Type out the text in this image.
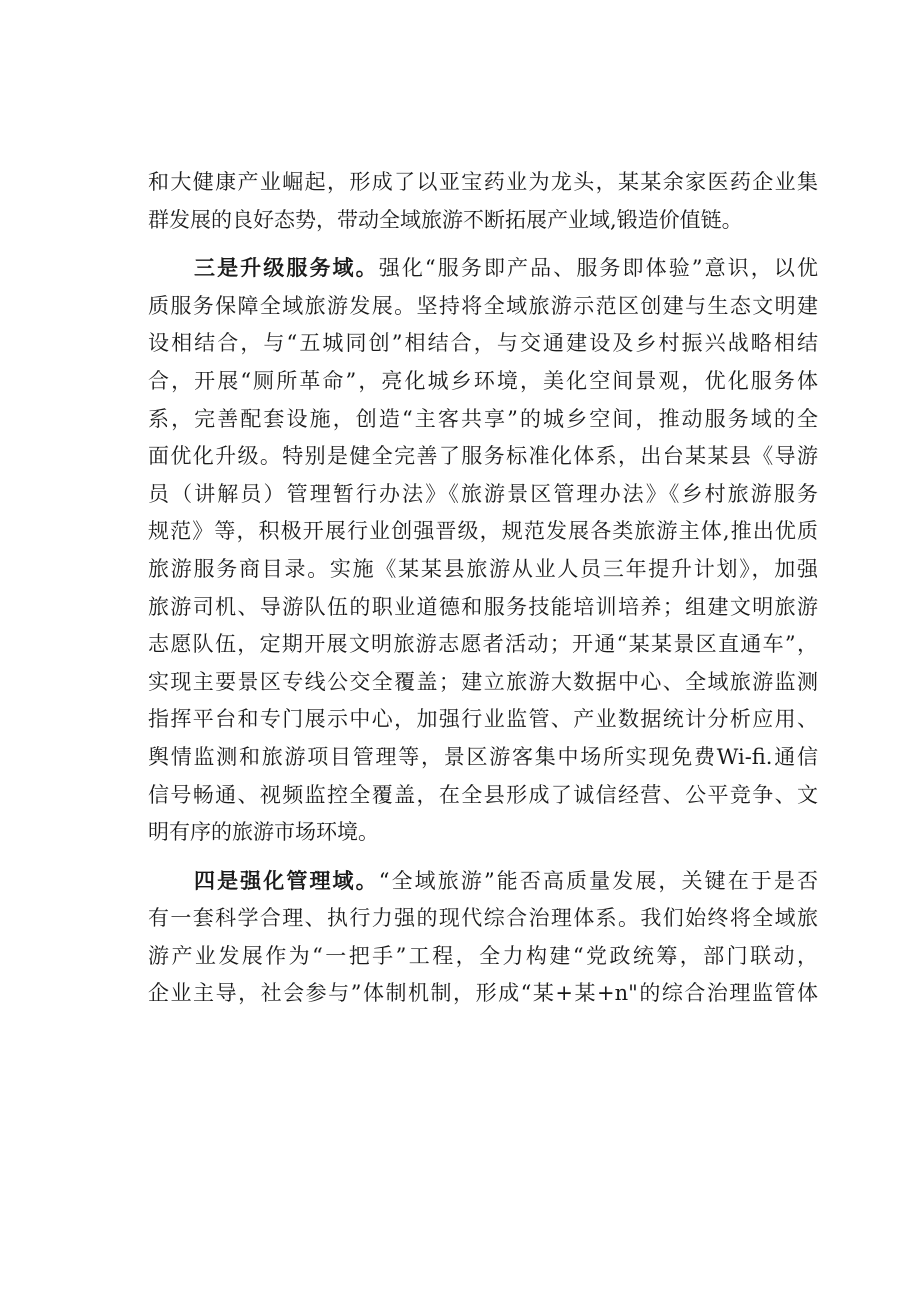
和大健康产业崛起，形成了以亚宝药业为龙头，某某余家医药企业集
群发展的良好态势，带动全域旅游不断拓展产业域,锻造价值链。
三是升级服务域。强化“服务即产品、服务即体验”意识，以优
质服务保障全域旅游发展。坚持将全域旅游示范区创建与生态文明建
设相结合，与“五城同创”相结合，与交通建设及乡村振兴战略相结
合，开展“厕所革命”，亮化城乡环境，美化空间景观，优化服务体
系，完善配套设施，创造“主客共享”的城乡空间，推动服务域的全
面优化升级。特别是健全完善了服务标准化体系，出台某某县《导游
员（讲解员）管理暂行办法》《旅游景区管理办法》《乡村旅游服务
规范》等，积极开展行业创强晋级，规范发展各类旅游主体,推出优质
旅游服务商目录。实施《某某县旅游从业人员三年提升计划》，加强
旅游司机、导游队伍的职业道德和服务技能培训培养；组建文明旅游
志愿队伍，定期开展文明旅游志愿者活动；开通“某某景区直通车”，
实现主要景区专线公交全覆盖；建立旅游大数据中心、全域旅游监测
指挥平台和专门展示中心，加强行业监管、产业数据统计分析应用、
舆情监测和旅游项目管理等，景区游客集中场所实现免费Wi-fi.通信
信号畅通、视频监控全覆盖，在全县形成了诚信经营、公平竞争、文
明有序的旅游市场环境。
四是强化管理域。“全域旅游”能否高质量发展，关键在于是否
有一套科学合理、执行力强的现代综合治理体系。我们始终将全域旅
游产业发展作为“一把手”工程，全力构建“党政统筹，部门联动，
企业主导，社会参与”体制机制，形成“某+某+n"的综合治理监管体
